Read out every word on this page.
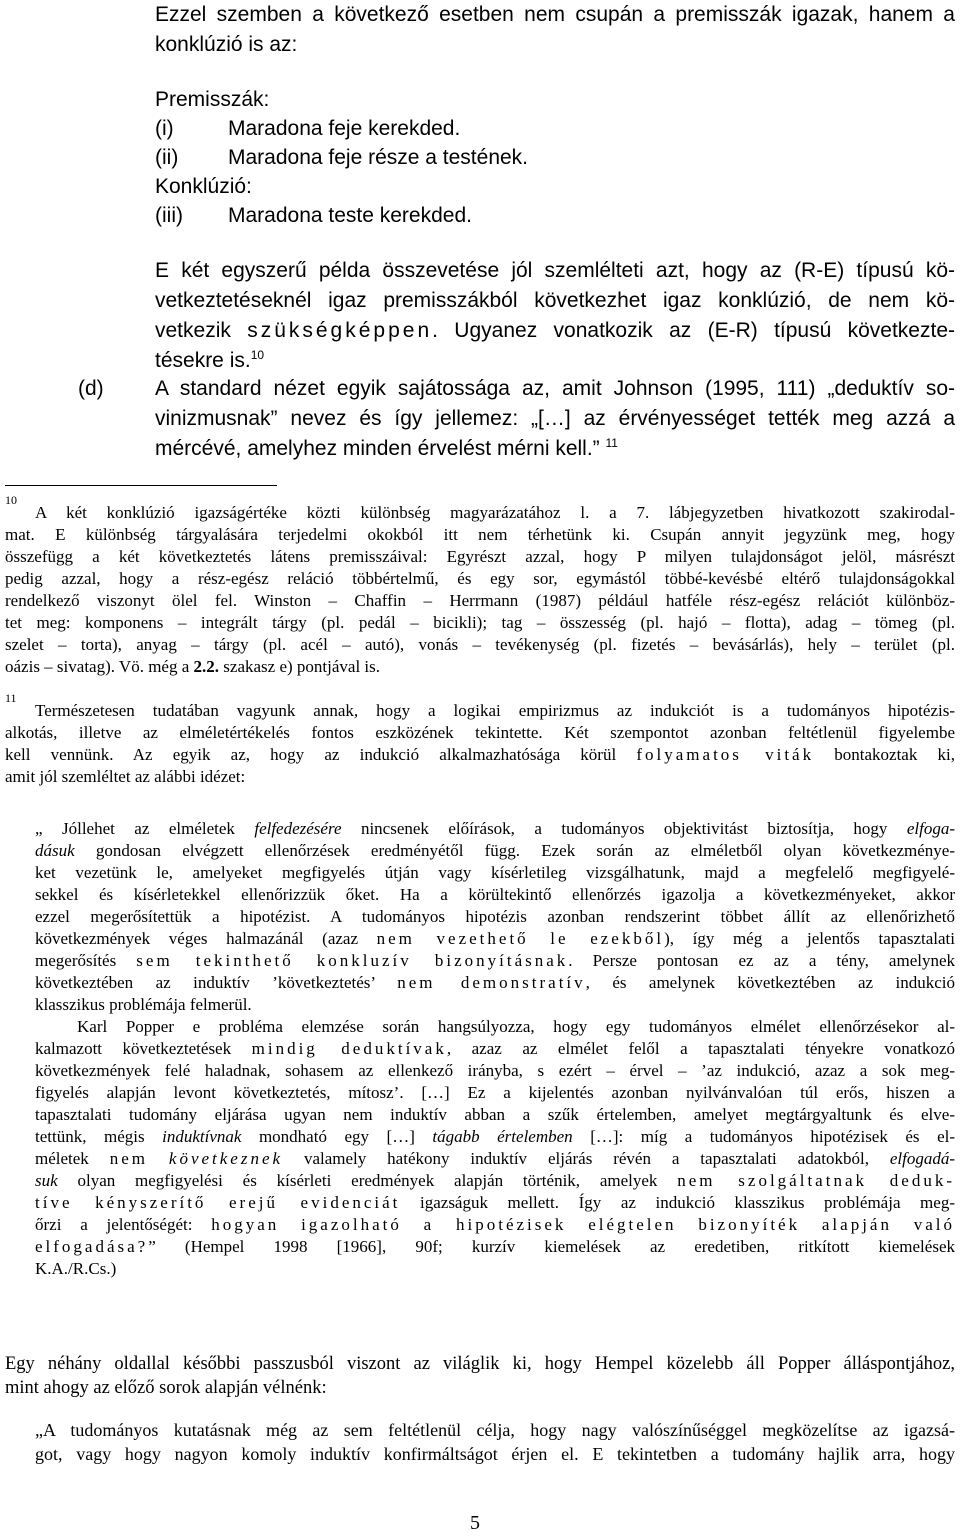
Ezzel szemben a következő esetben nem csupán a premisszák igazak, hanem a
konklúzió is az:
Premisszák:
(i)	Maradona feje kerekded.
(ii) Maradona feje része a testének.
Konklúzió:
(iii) Maradona teste kerekded.
E két egyszerű példa összevetése jól szemlélteti azt, hogy az (R-E) típusú kö-
vetkeztetéseknél igaz premisszákból következhet igaz konklúzió, de nem kö-
vetkezik szükségképpen. Ugyanez vonatkozik az (E-R) típusú következte-
tésekre is.$^{10}$
(d) A standard nézet egyik sajátossága az, amit Johnson (1995, 111) „deduktív so-
vinizmusnak” nevez és így jellemez: „[…] az érvényességet tették meg azzá a
mércévé, amelyhez minden érvelést mérni kell.” $^{11}$
10
A két konklúzió igazságértéke közti különbség magyarázatához l. a 7. lábjegyzetben hivatkozott szakirodal-
mat. E különbség tárgyalására terjedelmi okokból itt nem térhetünk ki. Csupán annyit jegyzünk meg, hogy
összefügg a két következtetés látens premisszáival: Egyrészt azzal, hogy P milyen tulajdonságot jelöl, másrészt
pedig azzal, hogy a rész-egész reláció többértelmű, és egy sor, egymástól többé-kevésbé eltérő tulajdonságokkal
rendelkező viszonyt ölel fel. Winston – Chaffin – Herrmann (1987) például hatféle rész-egész relációt különböz-
tet meg: komponens – integrált tárgy (pl. pedál – bicikli); tag – összesség (pl. hajó – flotta), adag – tömeg (pl.
szelet – torta), anyag – tárgy (pl. acél – autó), vonás – tevékenység (pl. fizetés – bevásárlás), hely – terület (pl.
oázis – sivatag). Vö. még a 2.2. szakasz e) pontjával is.
11
Természetesen tudatában vagyunk annak, hogy a logikai empirizmus az indukciót is a tudományos hipotézis-
alkotás, illetve az elméletértékelés fontos eszközének tekintette. Két szempontot azonban feltétlenül figyelembe
kell vennünk. Az egyik az, hogy az indukció alkalmazhatósága körül folyamatos viták bontakoztak ki,
amit jól szemléltet az alábbi idézet:
„ Jóllehet az elméletek felfedezésére nincsenek előírások, a tudományos objektivitást biztosítja, hogy elfoga-
dásuk gondosan elvégzett ellenőrzések eredményétől függ. Ezek során az elméletből olyan következménye-
ket vezetünk le, amelyeket megfigyelés útján vagy kísérletileg vizsgálhatunk, majd a megfelelő megfigyelé-
sekkel és kísérletekkel ellenőrizzük őket. Ha a körültekintő ellenőrzés igazolja a következményeket, akkor
ezzel megerősítettük a hipotézist. A tudományos hipotézis azonban rendszerint többet állít az ellenőrizhető
következmények véges halmazánál (azaz nem vezethető le ezekből), így még a jelentős tapasztalati
megerősítés sem tekinthető konkluzív bizonyításnak. Persze pontosan ez az a tény, amelynek
következtében az induktív ’következtetés’ nem demonstratív, és amelynek következtében az indukció
klasszikus problémája felmerül.
Karl Popper e probléma elemzése során hangsúlyozza, hogy egy tudományos elmélet ellenőrzésekor al-
kalmazott következtetések mindig deduktívak, azaz az elmélet felől a tapasztalati tényekre vonatkozó
következmények felé haladnak, sohasem az ellenkező irányba, s ezért – érvel – ’az indukció, azaz a sok meg-
figyelés alapján levont következtetés, mítosz’. […] Ez a kijelentés azonban nyilvánvalóan túl erős, hiszen a
tapasztalati tudomány eljárása ugyan nem induktív abban a szűk értelemben, amelyet megtárgyaltunk és elve-
tettünk, mégis induktívnak mondható egy […] tágabb értelemben […]: míg a tudományos hipotézisek és el-
méletek nem következnek valamely hatékony induktív eljárás révén a tapasztalati adatokból, elfogadá-
suk olyan megfigyelési és kísérleti eredmények alapján történik, amelyek nem szolgáltatnak deduk-
tíve kényszerítő erejű evidenciát igazságuk mellett. Így az indukció klasszikus problémája meg-
őrzi a jelentőségét: hogyan igazolható a hipotézisek elégtelen bizonyíték alapján való
elfogadása?” (Hempel 1998 [1966], 90f; kurzív kiemelések az eredetiben, ritkított kiemelések
K.A./R.Cs.)
Egy néhány oldallal későbbi passzusból viszont az világlik ki, hogy Hempel közelebb áll Popper álláspontjához,
mint ahogy az előző sorok alapján vélnénk:
„A tudományos kutatásnak még az sem feltétlenül célja, hogy nagy valószínűséggel megközelítse az igazsá-
got, vagy hogy nagyon komoly induktív konfirmáltságot érjen el. E tekintetben a tudomány hajlik arra, hogy
5
